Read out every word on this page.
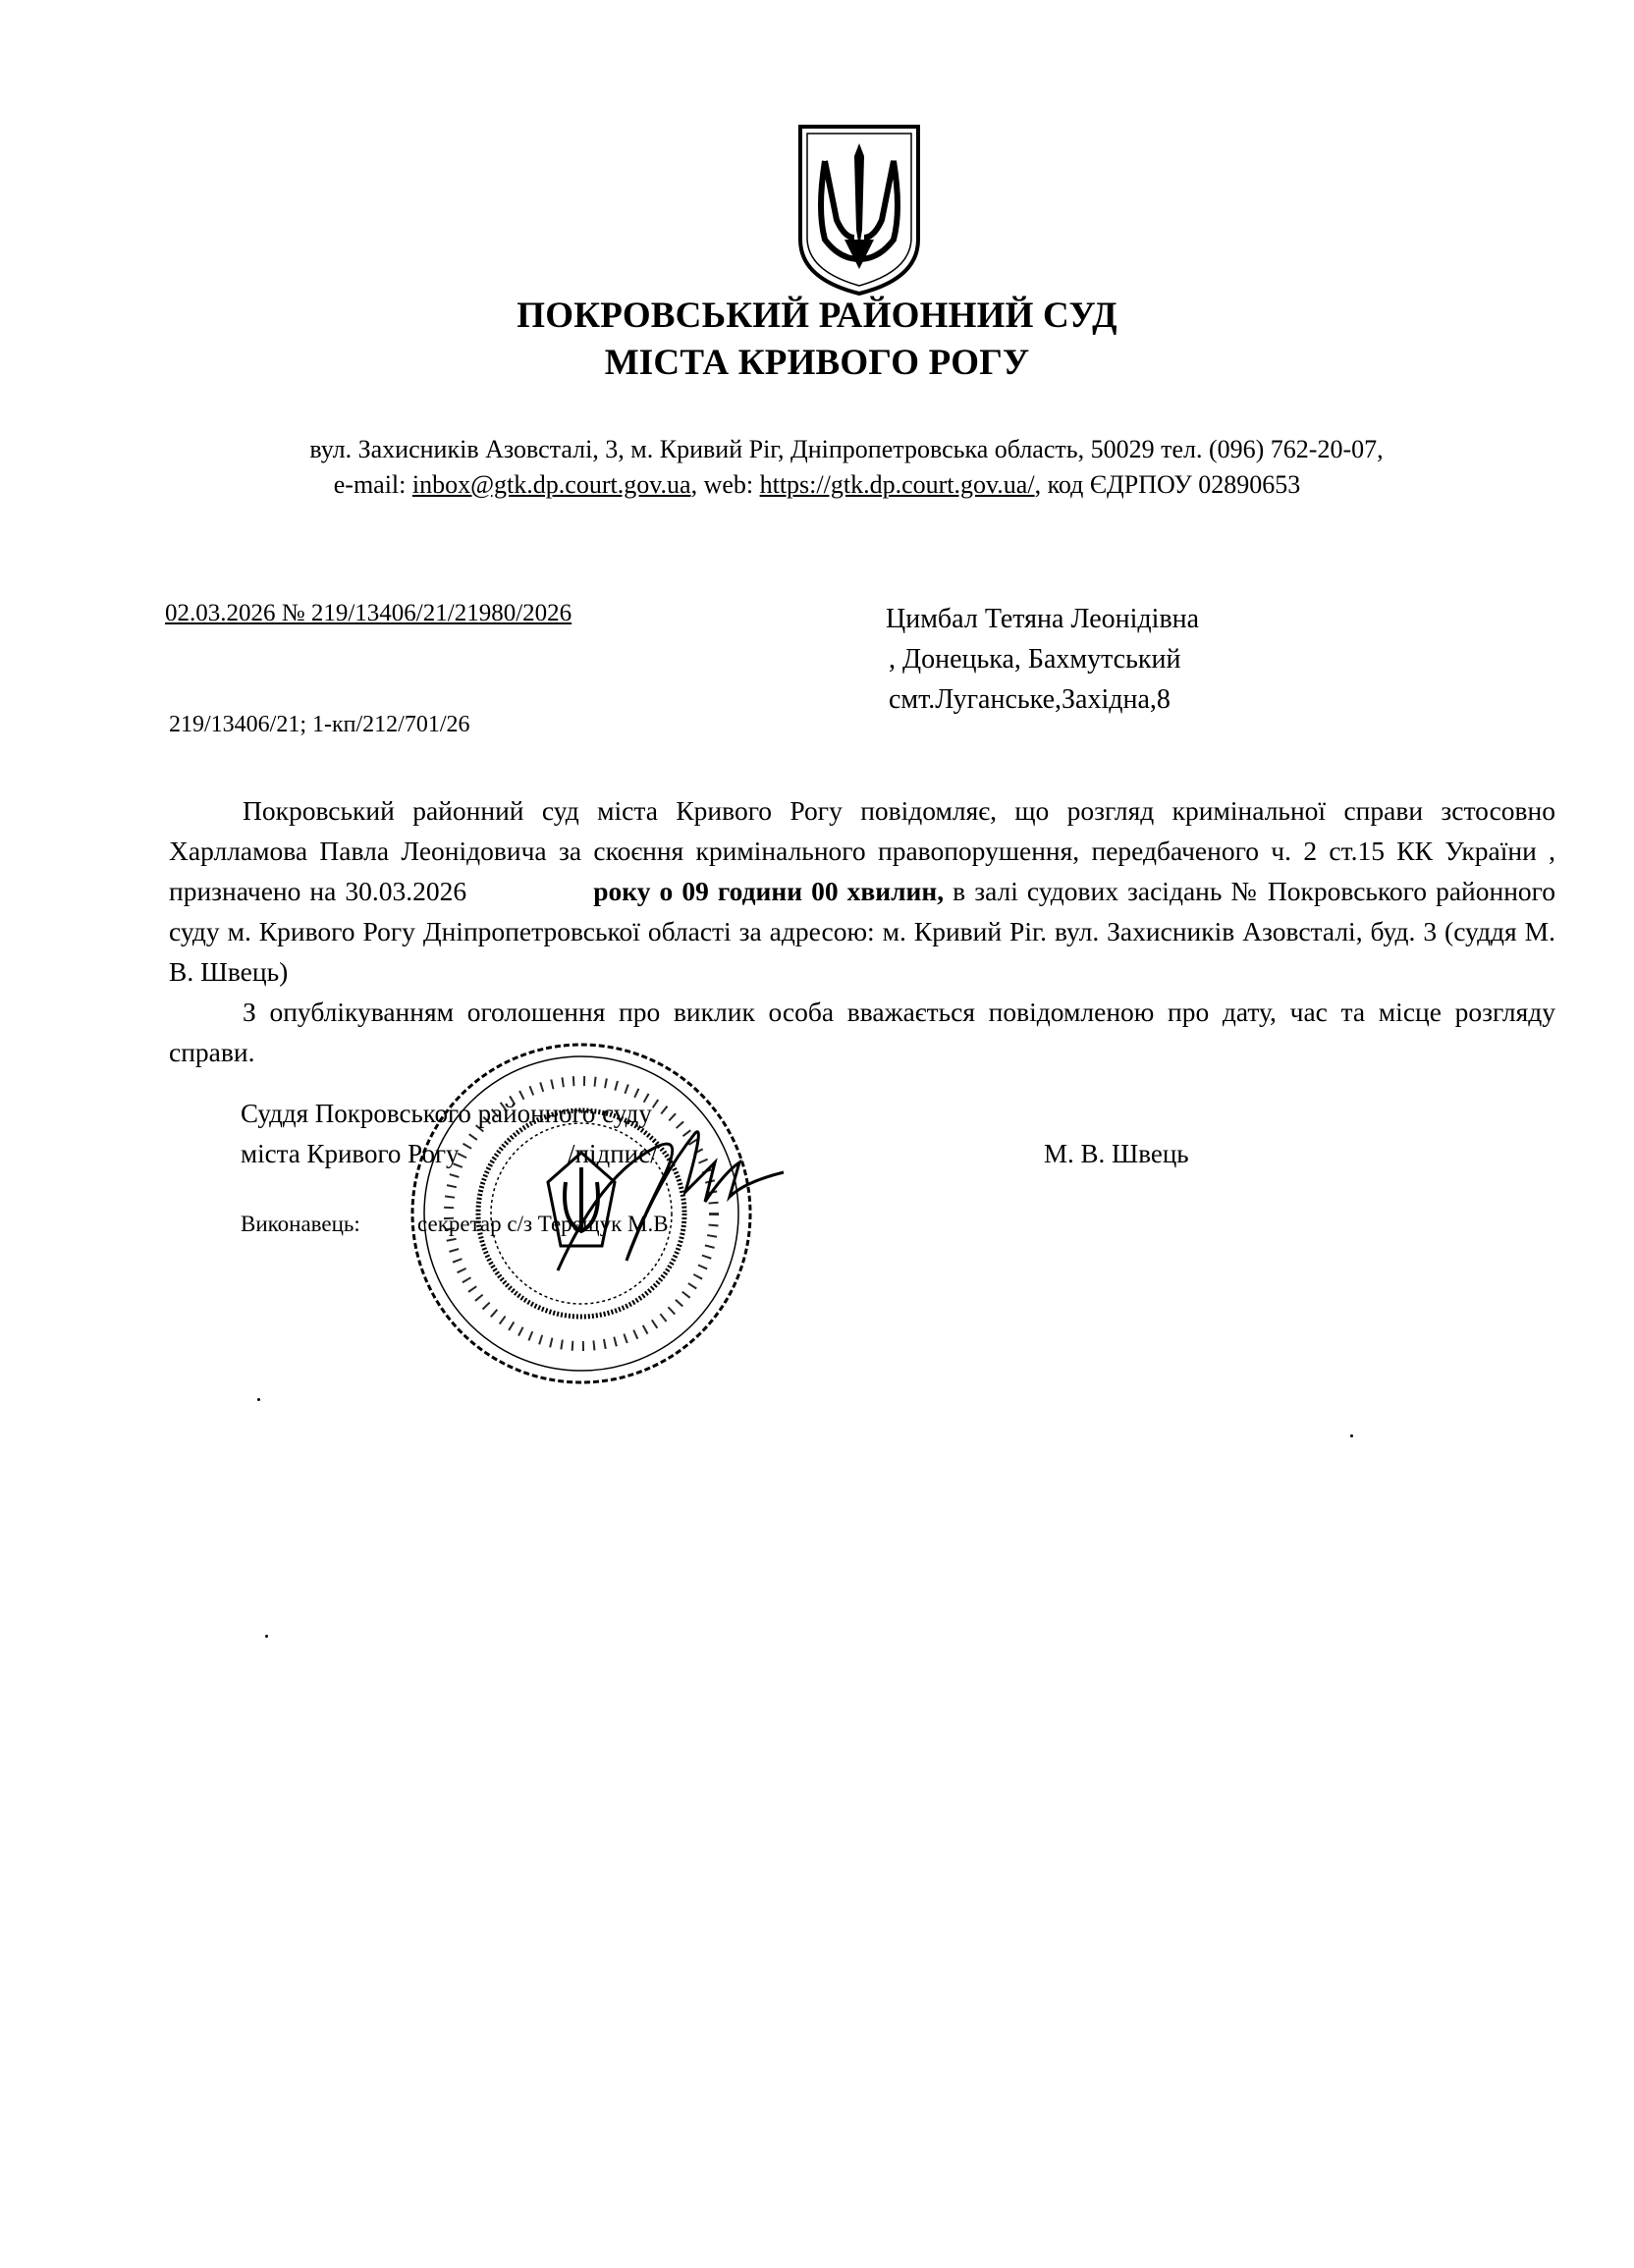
ПОКРОВСЬКИЙ РАЙОННИЙ СУД
МІСТА КРИВОГО РОГУ
вул. Захисників Азовсталі, 3, м. Кривий Ріг, Дніпропетровська область, 50029 тел. (096) 762-20-07,
e-mail: inbox@gtk.dp.court.gov.ua, web: https://gtk.dp.court.gov.ua/, код ЄДРПОУ 02890653
02.03.2026 № 219/13406/21/21980/2026
219/13406/21; 1-кп/212/701/26
Цимбал Тетяна Леонідівна
, Донецька, Бахмутський
смт.Луганське,Західна,8

Покровський районний суд міста Кривого Рогу повідомляє, що розгляд кримінальної справи зстосовно Харлламова Павла Леонідовича за скоєння кримінального правопорушення, передбаченого ч. 2 ст.15 КК України , призначено на 30.03.2026	року о 09 години 00 хвилин, в залі судових засідань № Покровського районного суду м. Кривого Рогу Дніпропетровської області за адресою: м. Кривий Ріг. вул. Захисників Азовсталі, буд. 3 (суддя М. В. Швець)

З опублікуванням оголошення про виклик особа вважається повідомленою про дату, час та місце розгляду справи.

Суддя Покровського районного суду
міста Кривого Рогу	/підпис/	М. В. Швець
Виконавець:	секретар с/з Терещук М.В
